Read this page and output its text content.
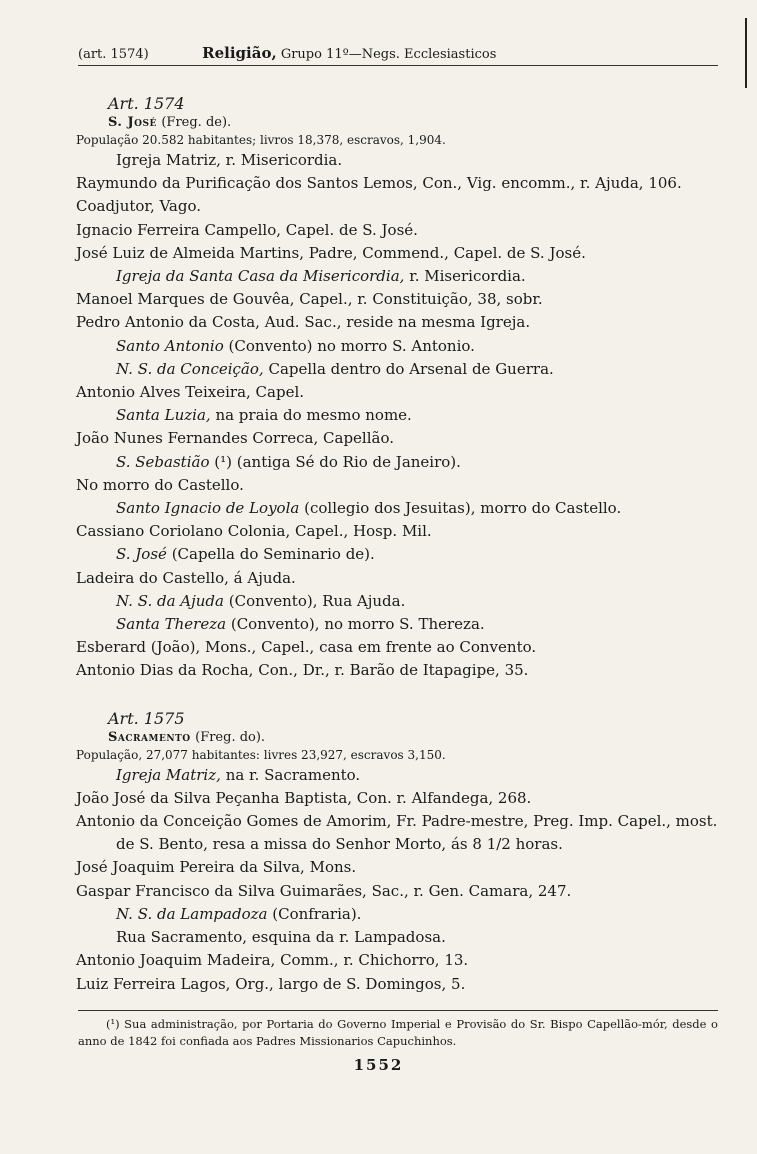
(art. 1574)	Religião, Grupo 11º—Negs. Ecclesiasticos
Art. 1574
S. José (Freg. de).
População 20.582 habitantes; livros 18,378, escravos, 1,904.
Igreja Matriz, r. Misericordia.
Raymundo da Purificação dos Santos Lemos, Con., Vig. encomm., r. Ajuda, 106.
Coadjutor, Vago.
Ignacio Ferreira Campello, Capel. de S. José.
José Luiz de Almeida Martins, Padre, Commend., Capel. de S. José.
Igreja da Santa Casa da Misericordia, r. Misericordia.
Manoel Marques de Gouvêa, Capel., r. Constituição, 38, sobr.
Pedro Antonio da Costa, Aud. Sac., reside na mesma Igreja.
Santo Antonio (Convento) no morro S. Antonio.
N. S. da Conceição, Capella dentro do Arsenal de Guerra.
Antonio Alves Teixeira, Capel.
Santa Luzia, na praia do mesmo nome.
João Nunes Fernandes Correca, Capellão.
S. Sebastião (¹) (antiga Sé do Rio de Janeiro).
No morro do Castello.
Santo Ignacio de Loyola (collegio dos Jesuitas), morro do Castello.
Cassiano Coriolano Colonia, Capel., Hosp. Mil.
S. José (Capella do Seminario de).
Ladeira do Castello, á Ajuda.
N. S. da Ajuda (Convento), Rua Ajuda.
Santa Thereza (Convento), no morro S. Thereza.
Esberard (João), Mons., Capel., casa em frente ao Convento.
Antonio Dias da Rocha, Con., Dr., r. Barão de Itapagipe, 35.
Art. 1575
Sacramento (Freg. do).
População, 27,077 habitantes: livres 23,927, escravos 3,150.
Igreja Matriz, na r. Sacramento.
João José da Silva Peçanha Baptista, Con. r. Alfandega, 268.
Antonio da Conceição Gomes de Amorim, Fr. Padre-mestre, Preg. Imp. Capel., most. de S. Bento, resa a missa do Senhor Morto, ás 8 1/2 horas.
José Joaquim Pereira da Silva, Mons.
Gaspar Francisco da Silva Guimarães, Sac., r. Gen. Camara, 247.
N. S. da Lampadoza (Confraria).
Rua Sacramento, esquina da r. Lampadosa.
Antonio Joaquim Madeira, Comm., r. Chichorro, 13.
Luiz Ferreira Lagos, Org., largo de S. Domingos, 5.
(¹) Sua administração, por Portaria do Governo Imperial e Provisão do Sr. Bispo Capellão-mór, desde o anno de 1842 foi confiada aos Padres Missionarios Capuchinhos.
1552
